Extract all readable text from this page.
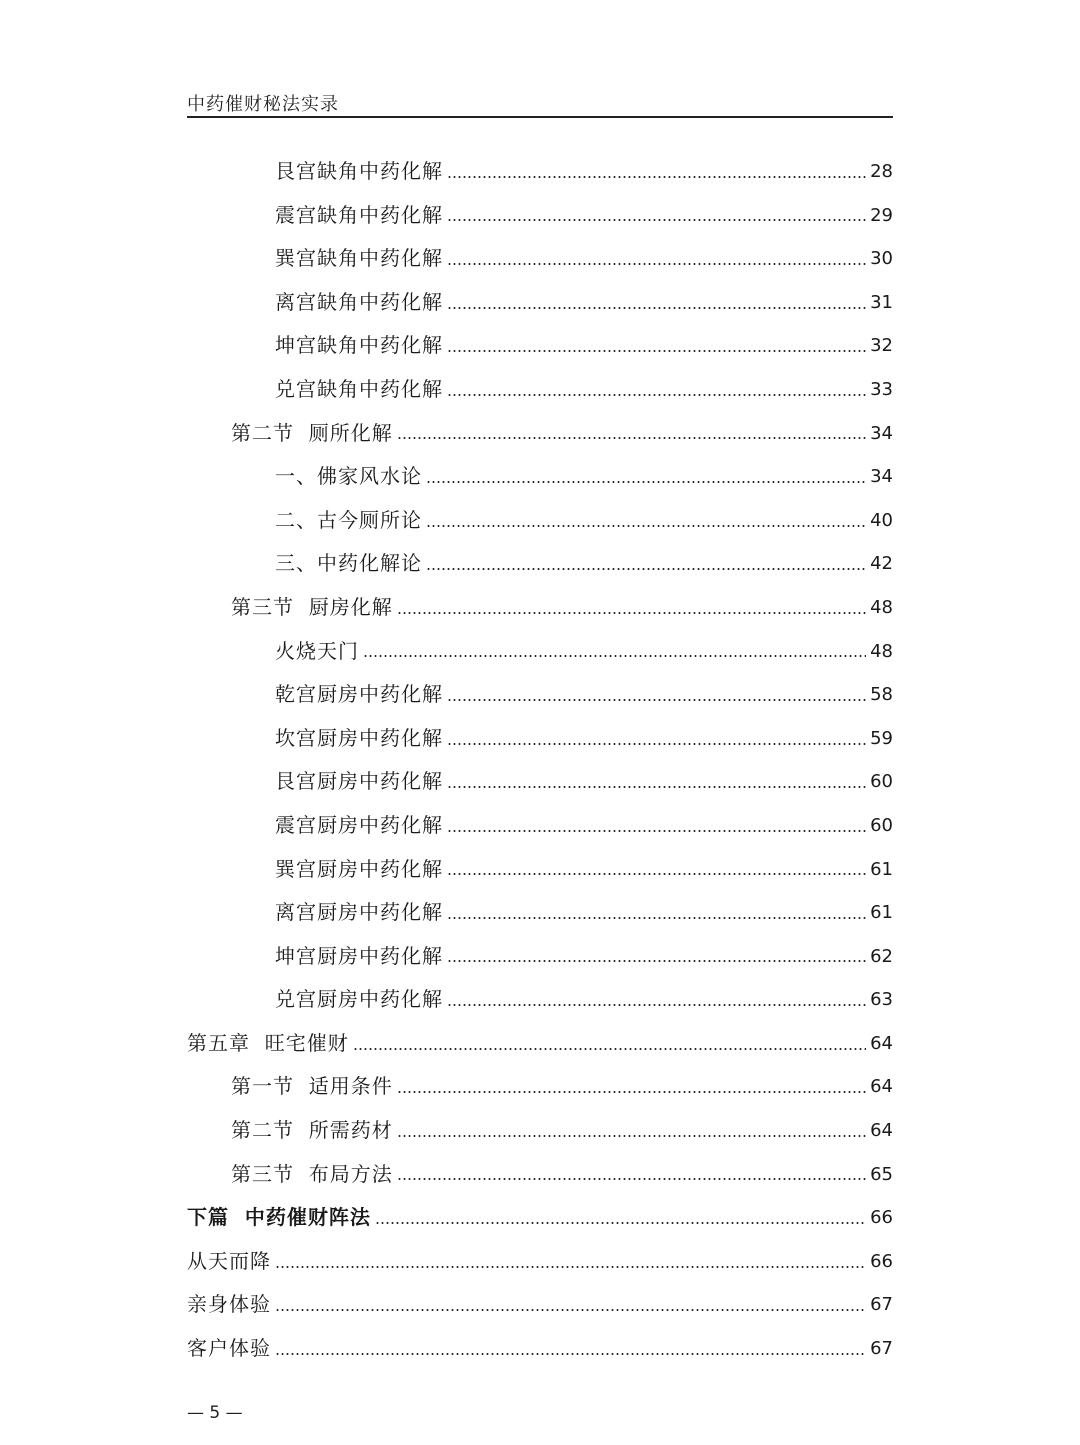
中药催财秘法实录
艮宫缺角中药化解	28
震宫缺角中药化解	29
巽宫缺角中药化解	30
离宫缺角中药化解	31
坤宫缺角中药化解	32
兑宫缺角中药化解	33
第二节  厕所化解	34
一、佛家风水论	34
二、古今厕所论	40
三、中药化解论	42
第三节  厨房化解	48
火烧天门	48
乾宫厨房中药化解	58
坎宫厨房中药化解	59
艮宫厨房中药化解	60
震宫厨房中药化解	60
巽宫厨房中药化解	61
离宫厨房中药化解	61
坤宫厨房中药化解	62
兑宫厨房中药化解	63
第五章  旺宅催财	64
第一节  适用条件	64
第二节  所需药材	64
第三节  布局方法	65
下篇  中药催财阵法	66
从天而降	66
亲身体验	67
客户体验	67
— 5 —
